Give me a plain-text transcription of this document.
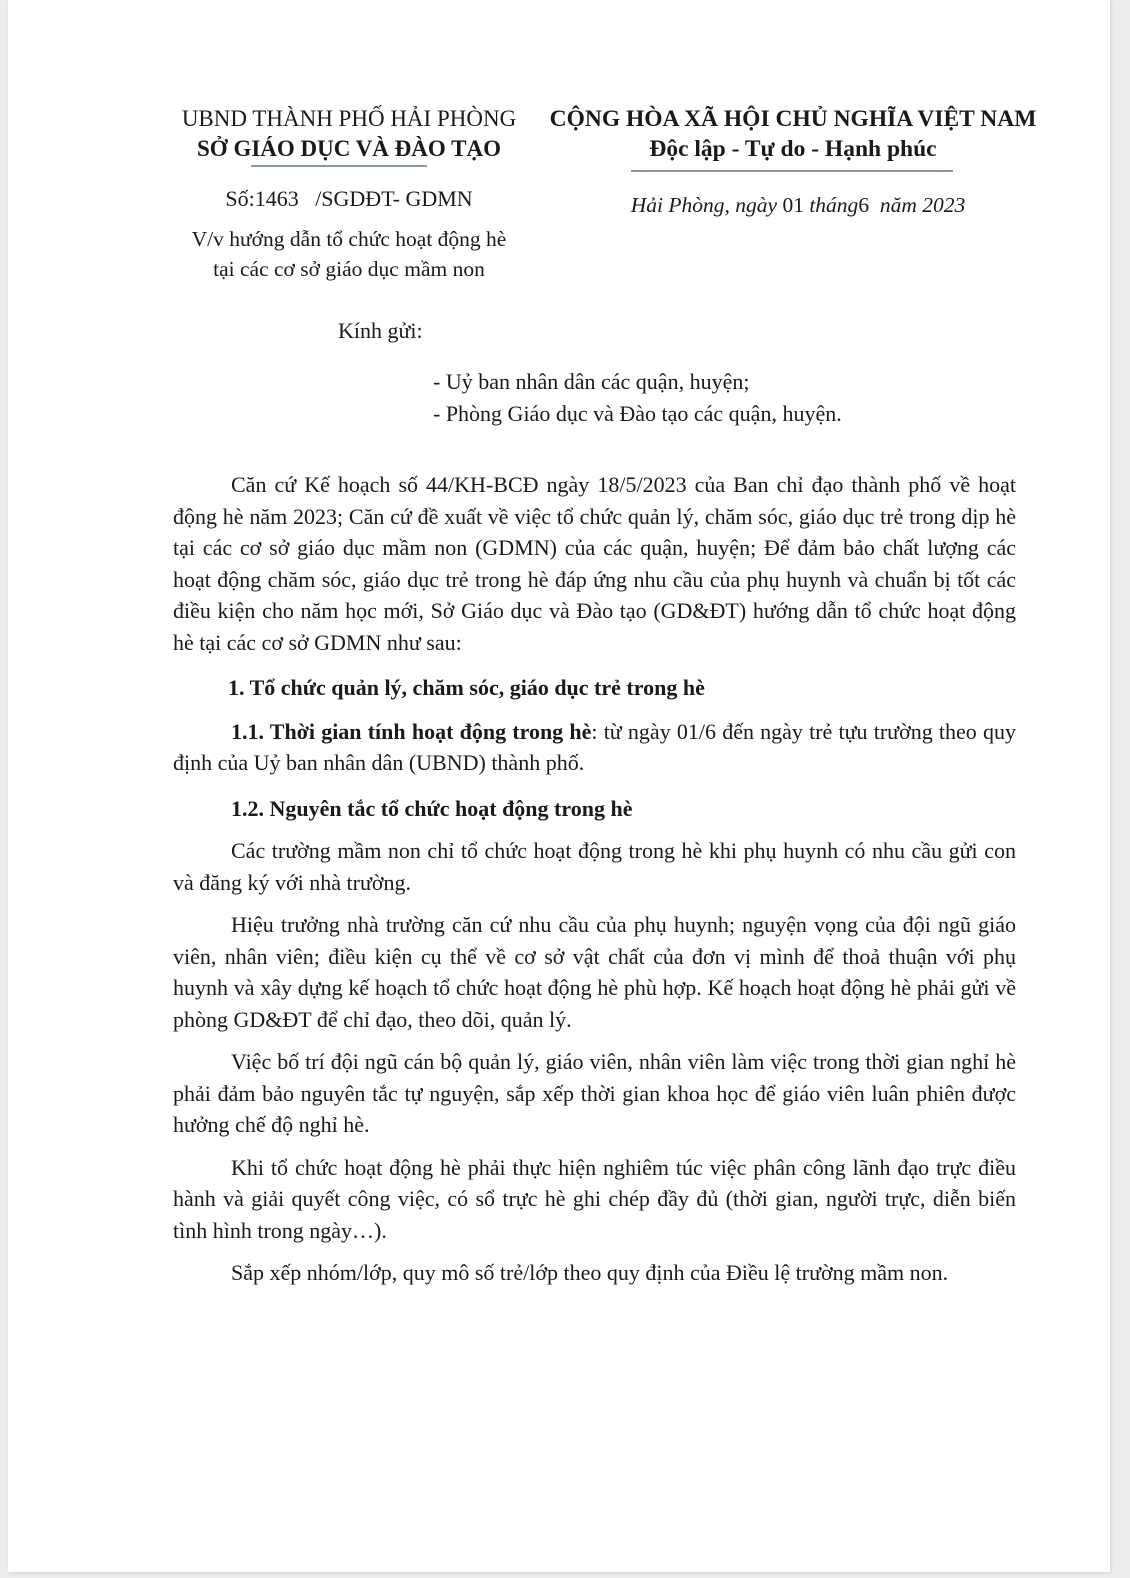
UBND THÀNH PHỐ HẢI PHÒNG
SỞ GIÁO DỤC VÀ ĐÀO TẠO
CỘNG HÒA XÃ HỘI CHỦ NGHĨA VIỆT NAM
Độc lập - Tự do - Hạnh phúc
Số:1463 /SGDĐT- GDMN
V/v hướng dẫn tổ chức hoạt động hè
tại các cơ sở giáo dục mầm non
Hải Phòng, ngày 01 tháng6 năm 2023
Kính gửi:
- Uỷ ban nhân dân các quận, huyện;
- Phòng Giáo dục và Đào tạo các quận, huyện.

Căn cứ Kế hoạch số 44/KH-BCĐ ngày 18/5/2023 của Ban chỉ đạo thành phố về hoạt động hè năm 2023; Căn cứ đề xuất về việc tổ chức quản lý, chăm sóc, giáo dục trẻ trong dịp hè tại các cơ sở giáo dục mầm non (GDMN) của các quận, huyện; Để đảm bảo chất lượng các hoạt động chăm sóc, giáo dục trẻ trong hè đáp ứng nhu cầu của phụ huynh và chuẩn bị tốt các điều kiện cho năm học mới, Sở Giáo dục và Đào tạo (GD&ĐT) hướng dẫn tổ chức hoạt động hè tại các cơ sở GDMN như sau:

1. Tổ chức quản lý, chăm sóc, giáo dục trẻ trong hè

1.1. Thời gian tính hoạt động trong hè: từ ngày 01/6 đến ngày trẻ tựu trường theo quy định của Uỷ ban nhân dân (UBND) thành phố.

1.2. Nguyên tắc tổ chức hoạt động trong hè

Các trường mầm non chỉ tổ chức hoạt động trong hè khi phụ huynh có nhu cầu gửi con và đăng ký với nhà trường.

Hiệu trưởng nhà trường căn cứ nhu cầu của phụ huynh; nguyện vọng của đội ngũ giáo viên, nhân viên; điều kiện cụ thể về cơ sở vật chất của đơn vị mình để thoả thuận với phụ huynh và xây dựng kế hoạch tổ chức hoạt động hè phù hợp. Kế hoạch hoạt động hè phải gửi về phòng GD&ĐT để chỉ đạo, theo dõi, quản lý.

Việc bố trí đội ngũ cán bộ quản lý, giáo viên, nhân viên làm việc trong thời gian nghỉ hè phải đảm bảo nguyên tắc tự nguyện, sắp xếp thời gian khoa học để giáo viên luân phiên được hưởng chế độ nghỉ hè.

Khi tổ chức hoạt động hè phải thực hiện nghiêm túc việc phân công lãnh đạo trực điều hành và giải quyết công việc, có sổ trực hè ghi chép đầy đủ (thời gian, người trực, diễn biến tình hình trong ngày…).

Sắp xếp nhóm/lớp, quy mô số trẻ/lớp theo quy định của Điều lệ trường mầm non.
